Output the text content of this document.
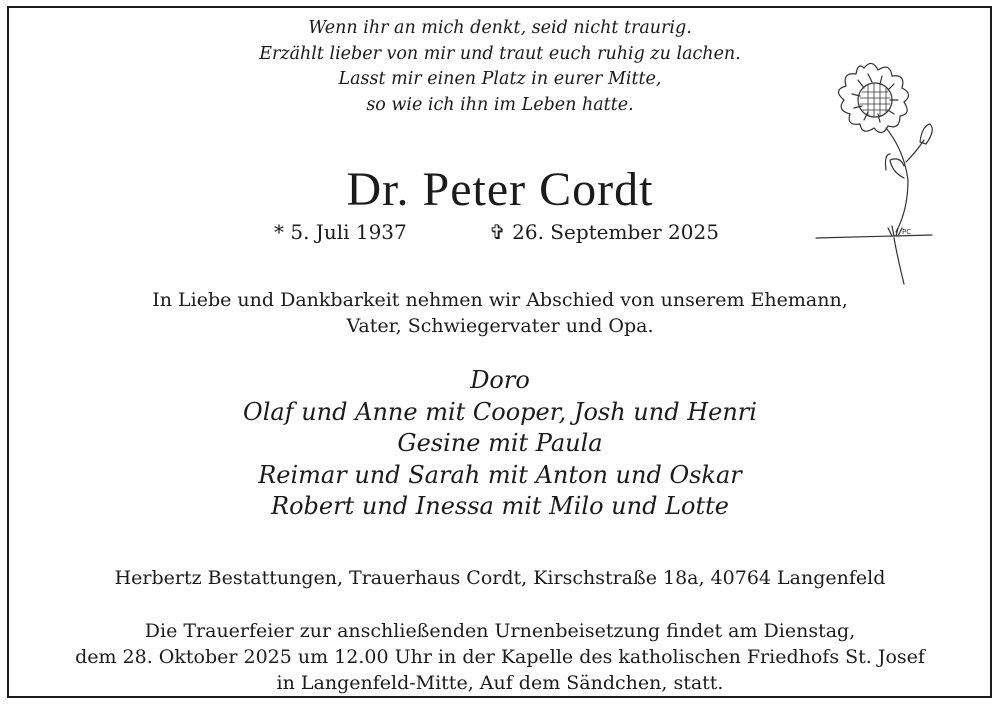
Wenn ihr an mich denkt, seid nicht traurig.
Erzählt lieber von mir und traut euch ruhig zu lachen.
Lasst mir einen Platz in eurer Mitte,
so wie ich ihn im Leben hatte.
Dr. Peter Cordt
* 5. Juli 1937	✞ 26. September 2025
In Liebe und Dankbarkeit nehmen wir Abschied von unserem Ehemann,
Vater, Schwiegervater und Opa.
Doro
Olaf und Anne mit Cooper, Josh und Henri
Gesine mit Paula
Reimar und Sarah mit Anton und Oskar
Robert und Inessa mit Milo und Lotte
Herbertz Bestattungen, Trauerhaus Cordt, Kirschstraße 18a, 40764 Langenfeld
Die Trauerfeier zur anschließenden Urnenbeisetzung findet am Dienstag,
dem 28. Oktober 2025 um 12.00 Uhr in der Kapelle des katholischen Friedhofs St. Josef
in Langenfeld-Mitte, Auf dem Sändchen, statt.
PC
